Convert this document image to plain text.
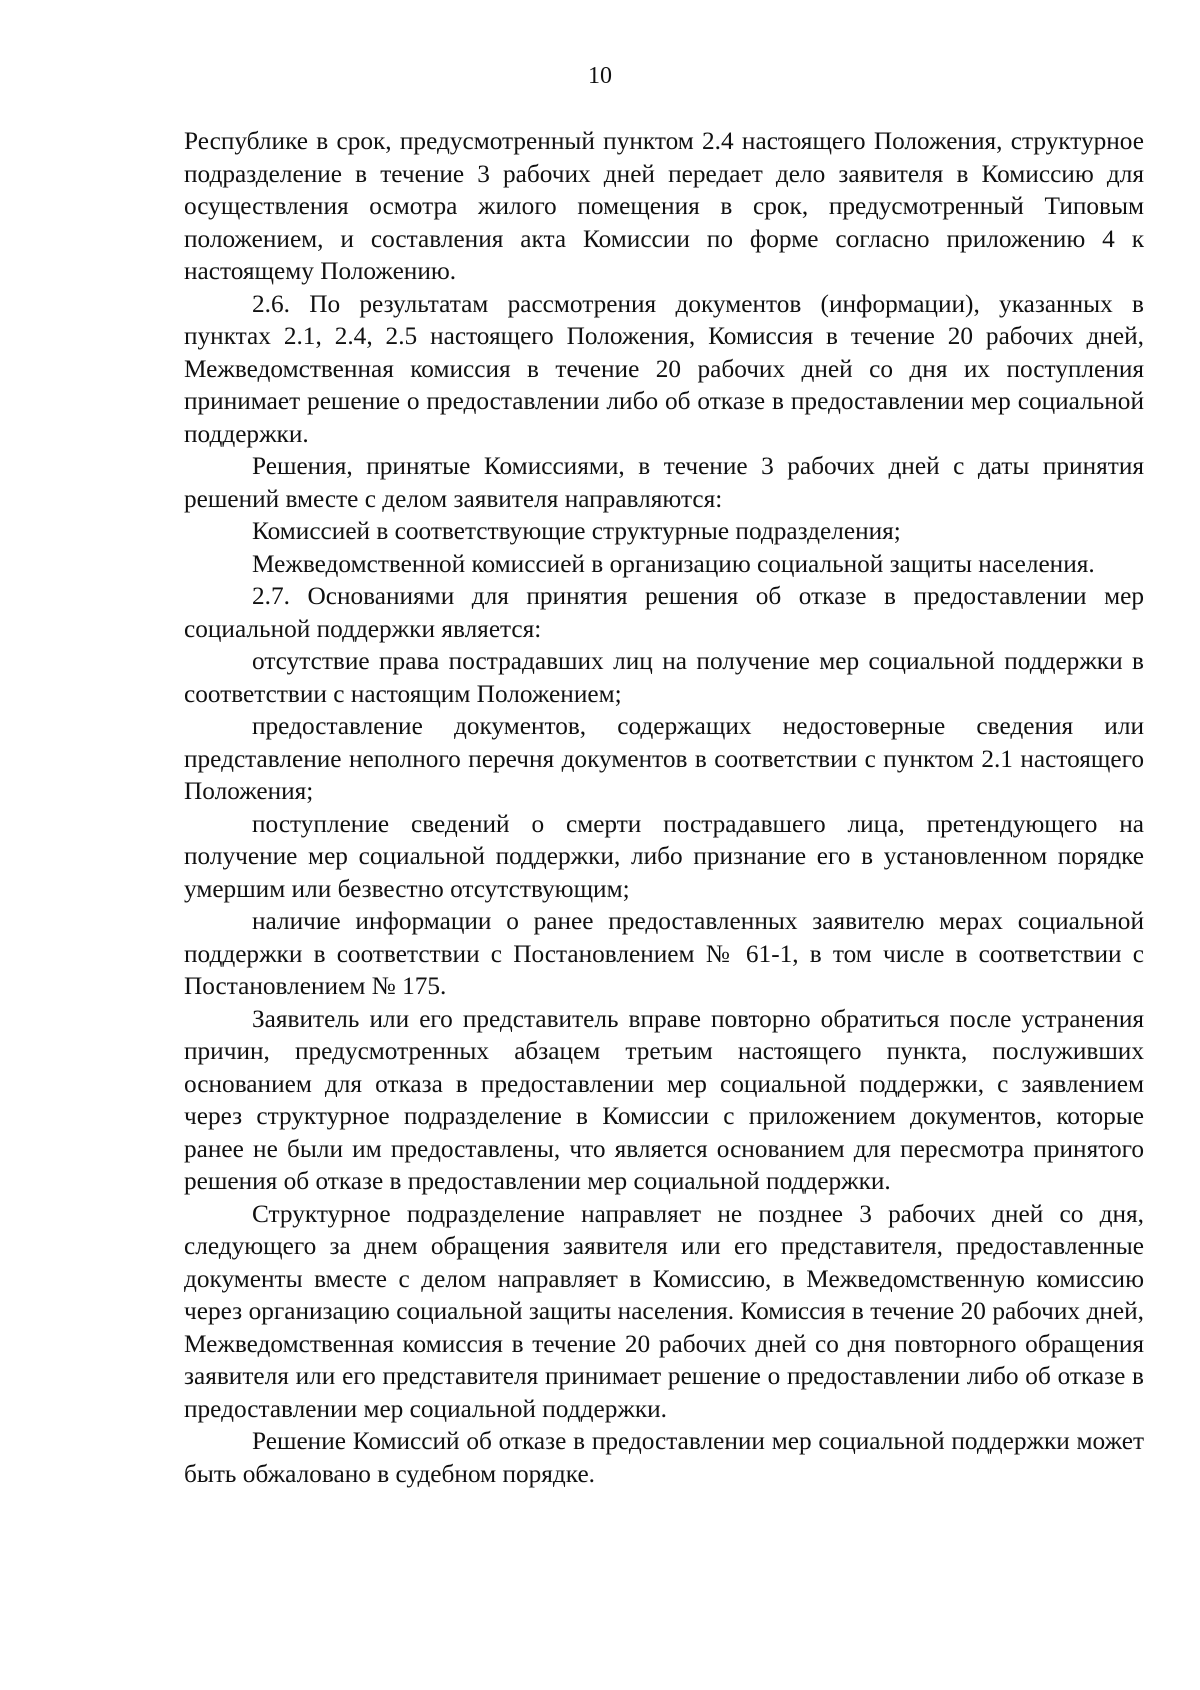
10

Республике в срок, предусмотренный пунктом 2.4 настоящего Положения, структурное подразделение в течение 3 рабочих дней передает дело заявителя в Комиссию для осуществления осмотра жилого помещения в срок, предусмотренный Типовым положением, и составления акта Комиссии по форме согласно приложению 4 к настоящему Положению.

2.6. По результатам рассмотрения документов (информации), указанных в пунктах 2.1, 2.4, 2.5 настоящего Положения, Комиссия в течение 20 рабочих дней, Межведомственная комиссия в течение 20 рабочих дней со дня их поступления принимает решение о предоставлении либо об отказе в предоставлении мер социальной поддержки.

Решения, принятые Комиссиями, в течение 3 рабочих дней с даты принятия решений вместе с делом заявителя направляются:

Комиссией в соответствующие структурные подразделения;

Межведомственной комиссией в организацию социальной защиты населения.

2.7. Основаниями для принятия решения об отказе в предоставлении мер социальной поддержки является:

отсутствие права пострадавших лиц на получение мер социальной поддержки в соответствии с настоящим Положением;

предоставление документов, содержащих недостоверные сведения или представление неполного перечня документов в соответствии с пунктом 2.1 настоящего Положения;

поступление сведений о смерти пострадавшего лица, претендующего на получение мер социальной поддержки, либо признание его в установленном порядке умершим или безвестно отсутствующим;

наличие информации о ранее предоставленных заявителю мерах социальной поддержки в соответствии с Постановлением № 61-1, в том числе в соответствии с Постановлением № 175.

Заявитель или его представитель вправе повторно обратиться после устранения причин, предусмотренных абзацем третьим настоящего пункта, послуживших основанием для отказа в предоставлении мер социальной поддержки, с заявлением через структурное подразделение в Комиссии с приложением документов, которые ранее не были им предоставлены, что является основанием для пересмотра принятого решения об отказе в предоставлении мер социальной поддержки.

Структурное подразделение направляет не позднее 3 рабочих дней со дня, следующего за днем обращения заявителя или его представителя, предоставленные документы вместе с делом направляет в Комиссию, в Межведомственную комиссию через организацию социальной защиты населения. Комиссия в течение 20 рабочих дней, Межведомственная комиссия в течение 20 рабочих дней со дня повторного обращения заявителя или его представителя принимает решение о предоставлении либо об отказе в предоставлении мер социальной поддержки.

Решение Комиссий об отказе в предоставлении мер социальной поддержки может быть обжаловано в судебном порядке.
